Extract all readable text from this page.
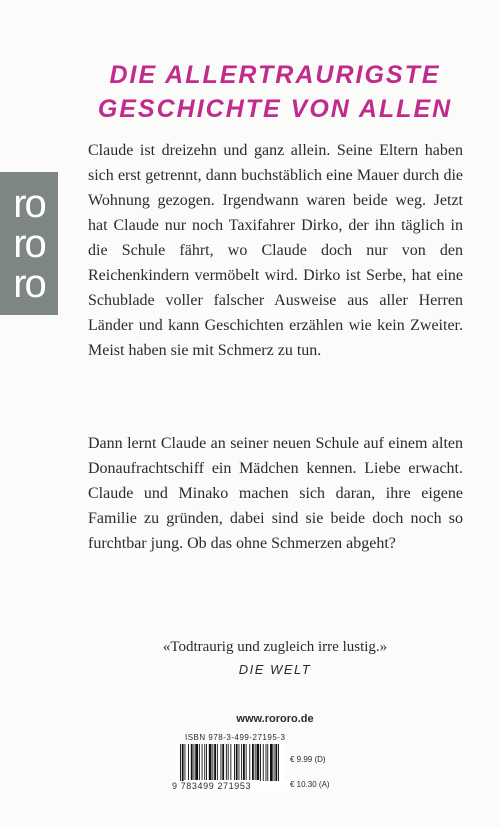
ro
ro
ro
DIE ALLERTRAURIGSTE
GESCHICHTE VON ALLEN

Claude ist dreizehn und ganz allein. Seine Eltern haben sich erst getrennt, dann buchstäblich eine Mauer durch die Wohnung gezogen. Irgendwann waren beide weg. Jetzt hat Claude nur noch Taxifahrer Dirko, der ihn täglich in die Schule fährt, wo Claude doch nur von den Reichenkindern vermöbelt wird. Dirko ist Serbe, hat eine Schublade voller falscher Ausweise aus aller Herren Länder und kann Geschichten erzählen wie kein Zweiter. Meist haben sie mit Schmerz zu tun.

Dann lernt Claude an seiner neuen Schule auf einem alten Donaufrachtschiff ein Mädchen kennen. Liebe erwacht. Claude und Minako machen sich daran, ihre eigene Familie zu gründen, dabei sind sie beide doch noch so furchtbar jung. Ob das ohne Schmerzen abgeht?

«Todtraurig und zugleich irre lustig.»

DIE WELT

www.rororo.de

ISBN 978-3-499-27195-3

9 783499 271953

€ 9.99 (D)

€ 10.30 (A)
